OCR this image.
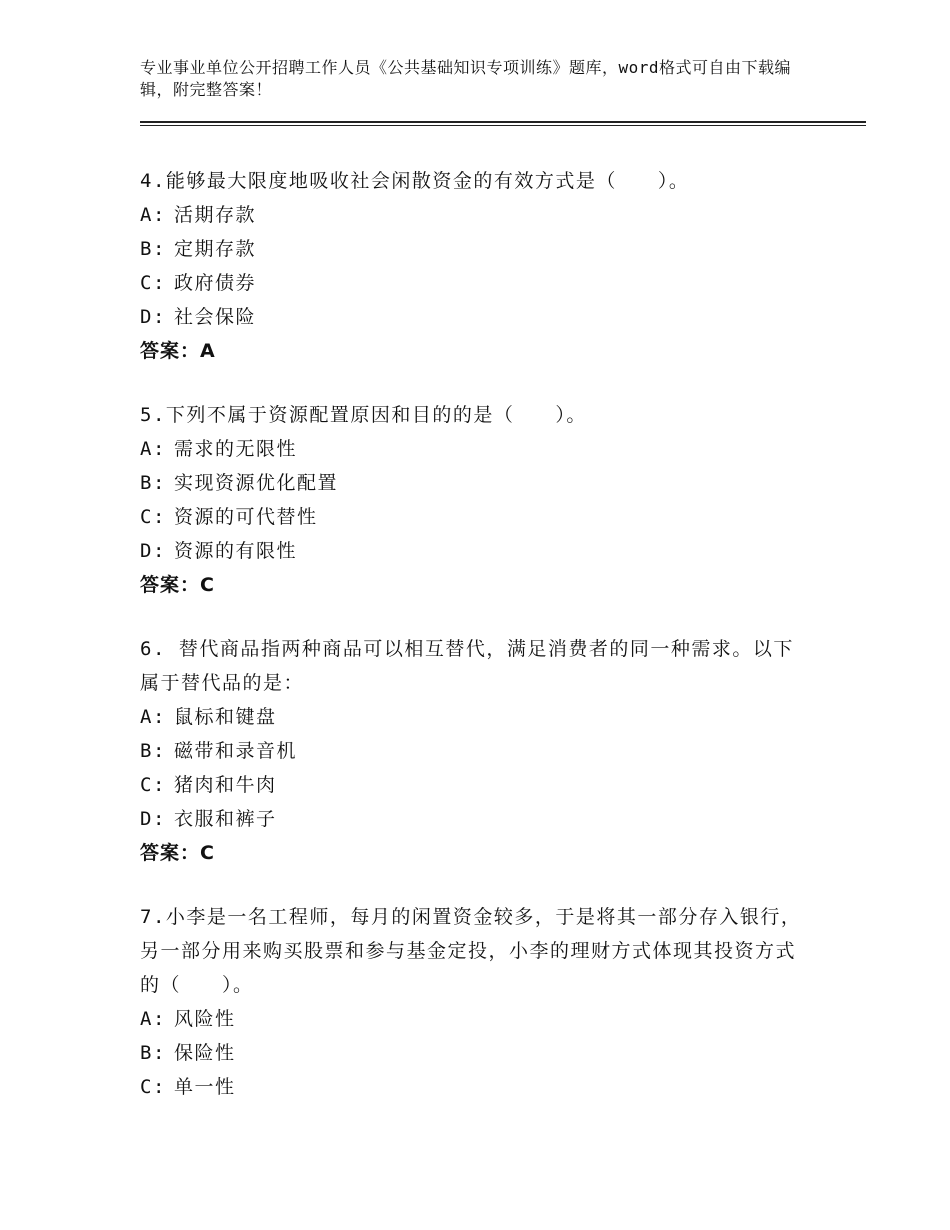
专业事业单位公开招聘工作人员《公共基础知识专项训练》题库，word格式可自由下载编辑，附完整答案！

4.能够最大限度地吸收社会闲散资金的有效方式是（　　）。

A: 活期存款

B: 定期存款

C: 政府债券

D: 社会保险

答案：A

5.下列不属于资源配置原因和目的的是（　　）。

A: 需求的无限性

B: 实现资源优化配置

C: 资源的可代替性

D: 资源的有限性

答案：C

6. 替代商品指两种商品可以相互替代，满足消费者的同一种需求。以下属于替代品的是：

A: 鼠标和键盘

B: 磁带和录音机

C: 猪肉和牛肉

D: 衣服和裤子

答案：C

7.小李是一名工程师，每月的闲置资金较多，于是将其一部分存入银行，另一部分用来购买股票和参与基金定投，小李的理财方式体现其投资方式的（　　）。

A: 风险性

B: 保险性

C: 单一性
